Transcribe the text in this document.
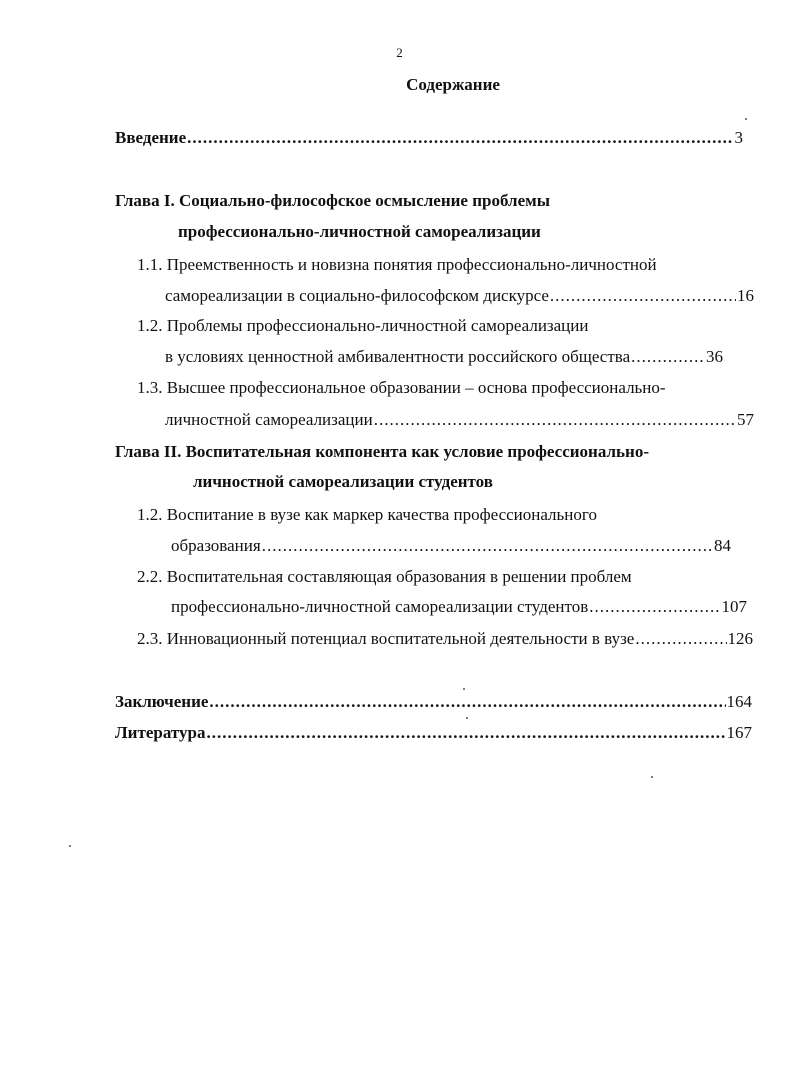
2
Содержание
Введение .....	3
Глава I. Социально-философское осмысление проблемы
профессионально-личностной самореализации
1.1. Преемственность и новизна понятия профессионально-личностной
самореализации в социально-философском дискурсе .....	16
1.2. Проблемы профессионально-личностной самореализации
в условиях ценностной амбивалентности российского общества .....	36
1.3. Высшее профессиональное образовании – основа профессионально-
личностной самореализации .....	57
Глава II. Воспитательная компонента как условие профессионально-
личностной самореализации студентов
1.2. Воспитание в вузе как маркер качества профессионального
образования .....	84
2.2. Воспитательная составляющая образования в решении проблем
профессионально-личностной самореализации студентов .....	107
2.3. Инновационный потенциал воспитательной деятельности в вузе .....	126
Заключение .....	164
Литература .....	167
